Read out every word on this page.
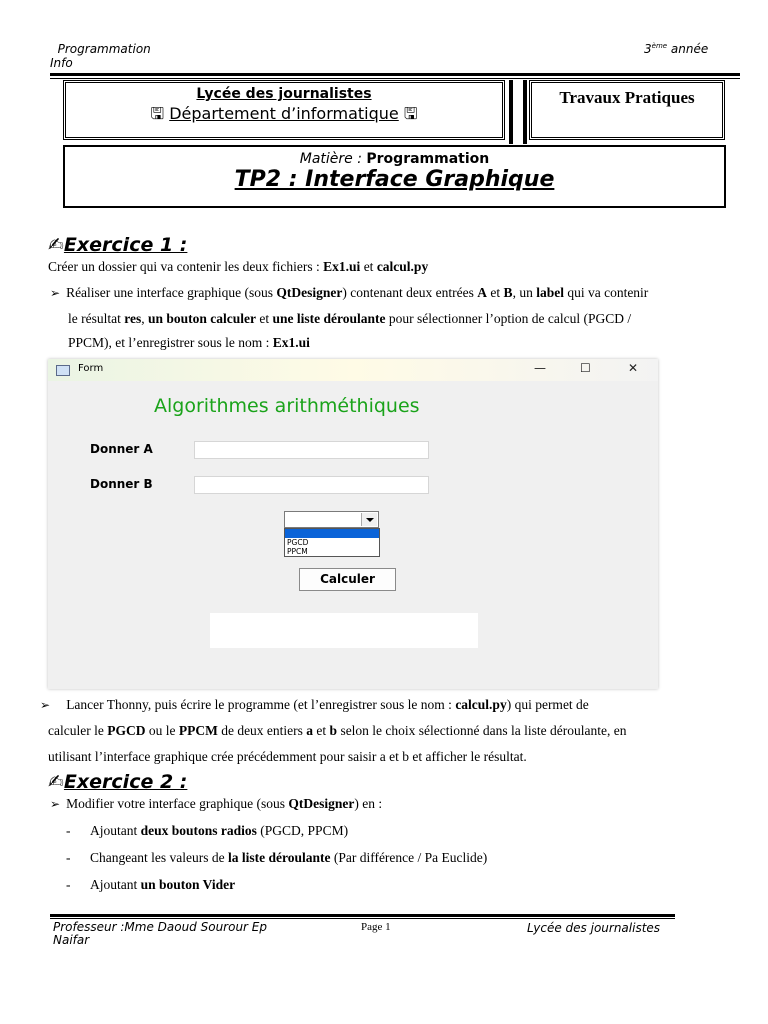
Programmation
Info
3ème année
Lycée des journalistes
🖫 Département d’informatique 🖫
Travaux Pratiques
Matière : Programmation
TP2 : Interface Graphique
✍Exercice 1 :
Créer un dossier qui va contenir les deux fichiers : Ex1.ui et calcul.py
➢ Réaliser une interface graphique (sous QtDesigner) contenant deux entrées A et B, un label qui va contenir
le résultat res, un bouton calculer et une liste déroulante pour sélectionner l’option de calcul (PGCD /
PPCM), et l’enregistrer sous le nom : Ex1.ui
Form	—	☐	✕
Algorithmes arithméthiques
Donner A
Donner B
PGCD
PPCM
Calculer
➢ Lancer Thonny, puis écrire le programme (et l’enregistrer sous le nom : calcul.py) qui permet de
calculer le PGCD ou le PPCM de deux entiers a et b selon le choix sélectionné dans la liste déroulante, en
utilisant l’interface graphique crée précédemment pour saisir a et b et afficher le résultat.
✍Exercice 2 :
➢ Modifier votre interface graphique (sous QtDesigner) en :
- Ajoutant deux boutons radios (PGCD, PPCM)
- Changeant les valeurs de la liste déroulante (Par différence / Pa Euclide)
- Ajoutant un bouton Vider
Professeur :Mme Daoud Sourour Ep Naifar
Page 1	Lycée des journalistes
